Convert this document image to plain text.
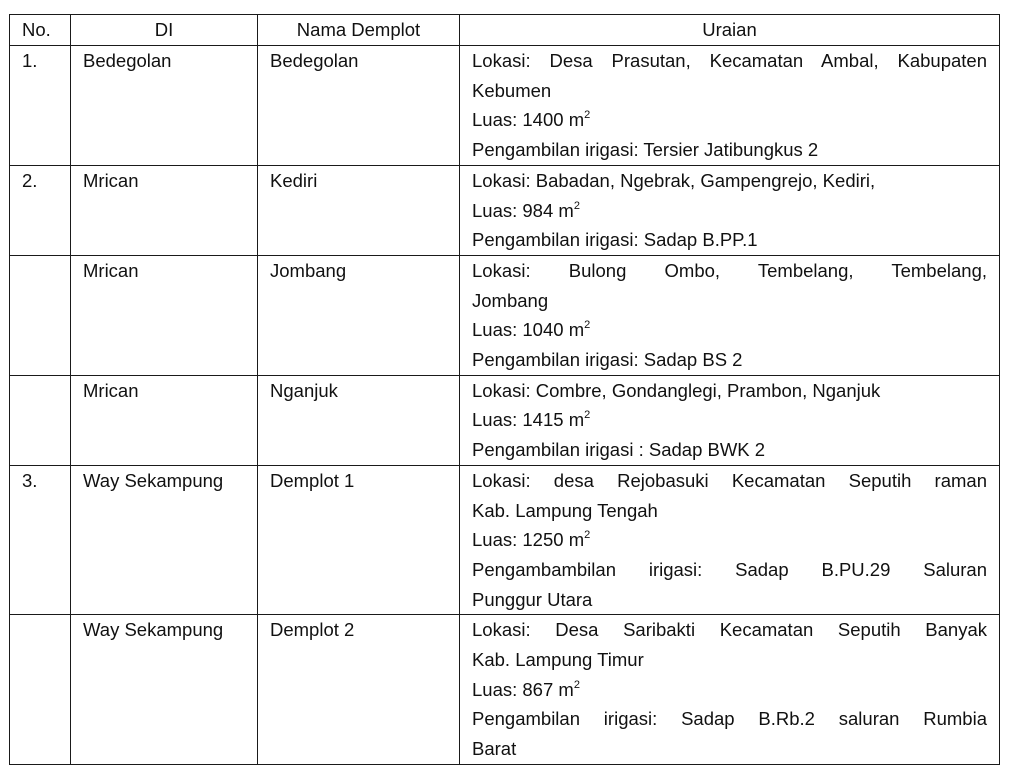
No.	DI	Nama Demplot	Uraian
1.	Bedegolan	Bedegolan	Lokasi: Desa Prasutan, Kecamatan Ambal, Kabupaten
Kebumen
Luas: 1400 $m^2$
Pengambilan irigasi: Tersier Jatibungkus 2

2.	Mrican	Kediri	Lokasi: Babadan, Ngebrak, Gampengrejo, Kediri,
Luas: 984 $m^2$
Pengambilan irigasi: Sadap B.PP.1

	Mrican	Jombang	Lokasi: Bulong Ombo, Tembelang, Tembelang,
Jombang
Luas: 1040 $m^2$
Pengambilan irigasi: Sadap BS 2

	Mrican	Nganjuk	Lokasi: Combre, Gondanglegi, Prambon, Nganjuk
Luas: 1415 $m^2$
Pengambilan irigasi : Sadap BWK 2

3.	Way Sekampung	Demplot 1	Lokasi: desa Rejobasuki Kecamatan Seputih raman
Kab. Lampung Tengah
Luas: 1250 $m^2$
Pengambambilan irigasi: Sadap B.PU.29 Saluran
Punggur Utara

	Way Sekampung	Demplot 2	Lokasi: Desa Saribakti Kecamatan Seputih Banyak
Kab. Lampung Timur
Luas: 867 $m^2$
Pengambilan irigasi: Sadap B.Rb.2 saluran Rumbia
Barat
